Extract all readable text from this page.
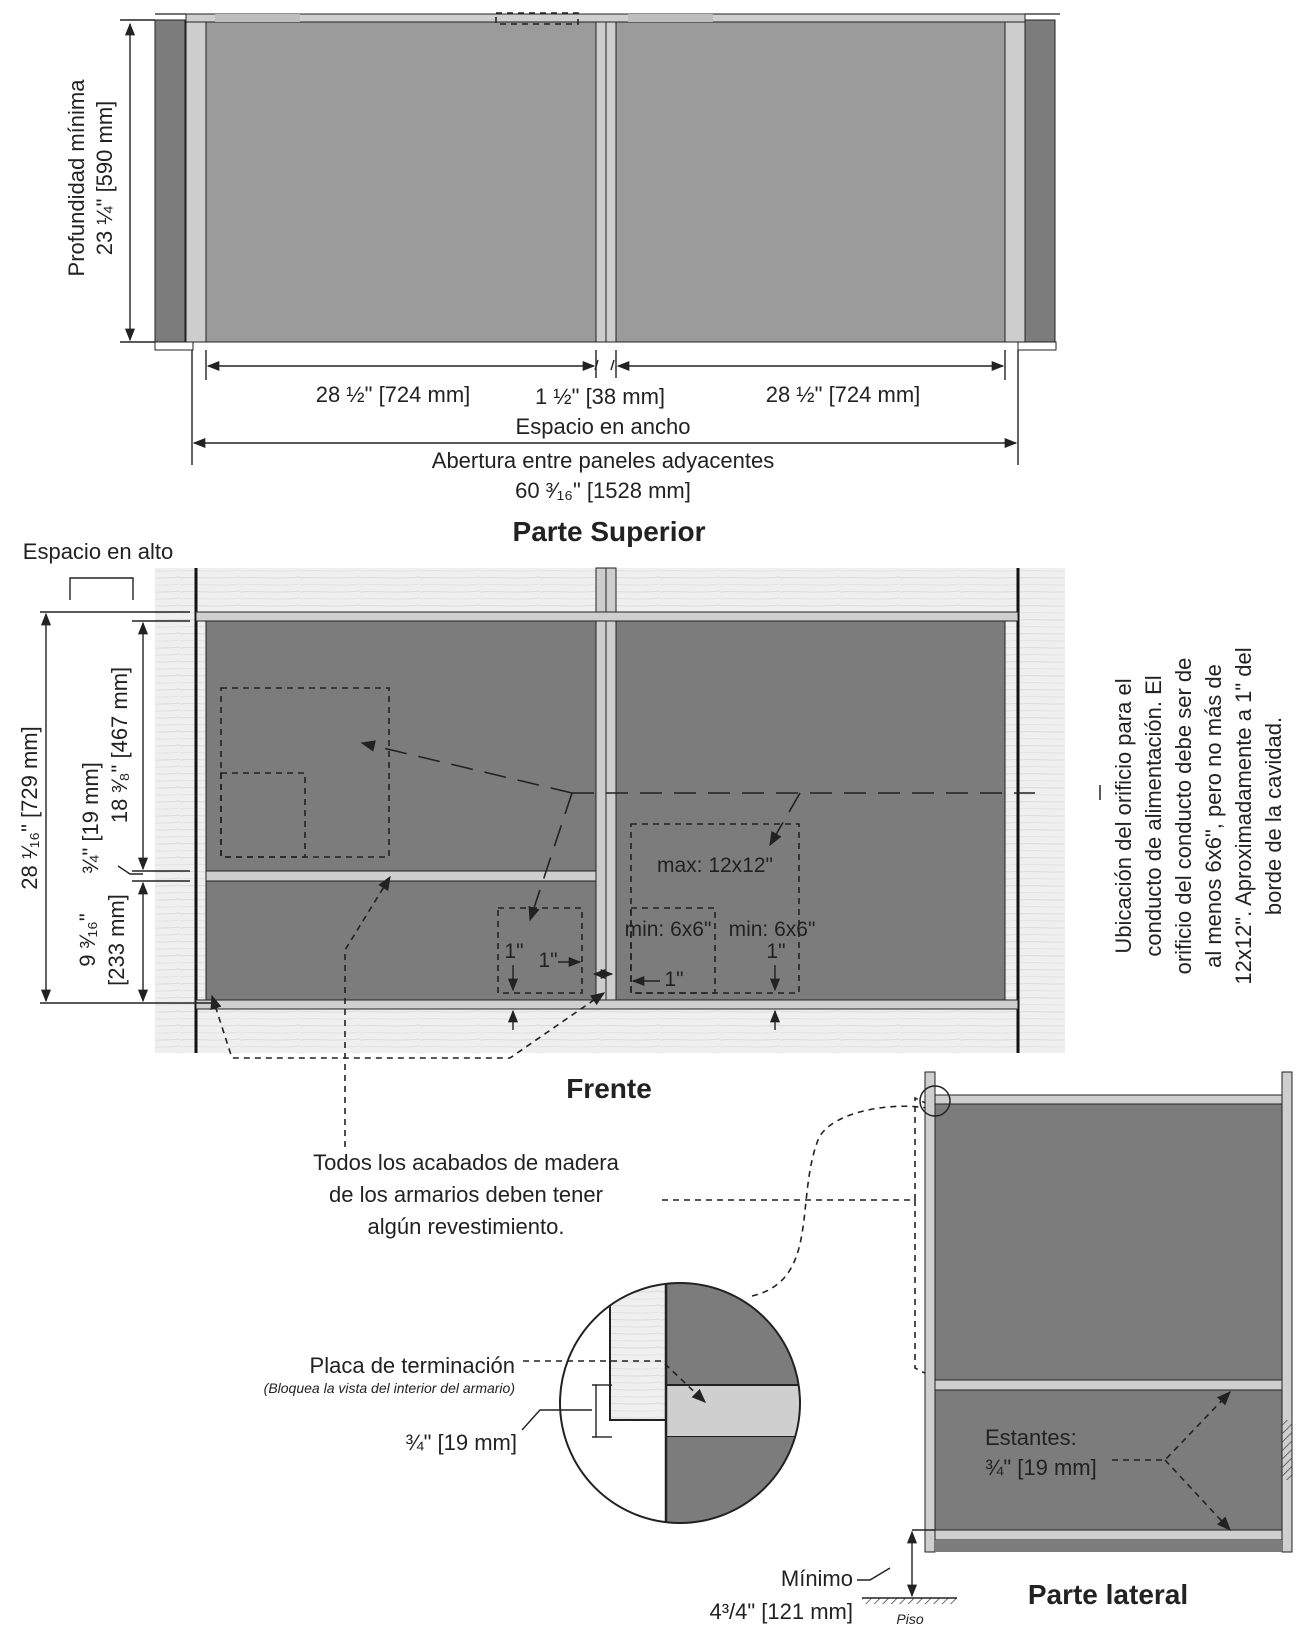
Profundidad mínima 23 ¼" [590 mm]
28 ½" [724 mm]	1 ½" [38 mm]	28 ½" [724 mm]
Espacio en ancho
Abertura entre paneles adyacentes
60 ³⁄₁₆" [1528 mm]
Parte Superior
max: 12x12"
min: 6x6" min: 6x6"
1" 1"
1"
1"
Espacio en alto
28 ¹⁄₁₆" [729 mm]	18 ³⁄₈" [467 mm]
¾" [19 mm]
9 ³⁄₁₆" [233 mm]
Frente
Ubicación del orificio para el conducto de alimentación. El orificio del conducto debe ser de al menos 6x6", pero no más de 12x12". Aproximadamente a 1" del borde de la cavidad.
Todos los acabados de madera
de los armarios deben tener
algún revestimiento.
Placa de terminación
(Bloquea la vista del interior del armario)
¾" [19 mm]	Estantes:
¾" [19 mm]
Mínimo
4³/4" [121 mm]	Piso
Parte lateral
